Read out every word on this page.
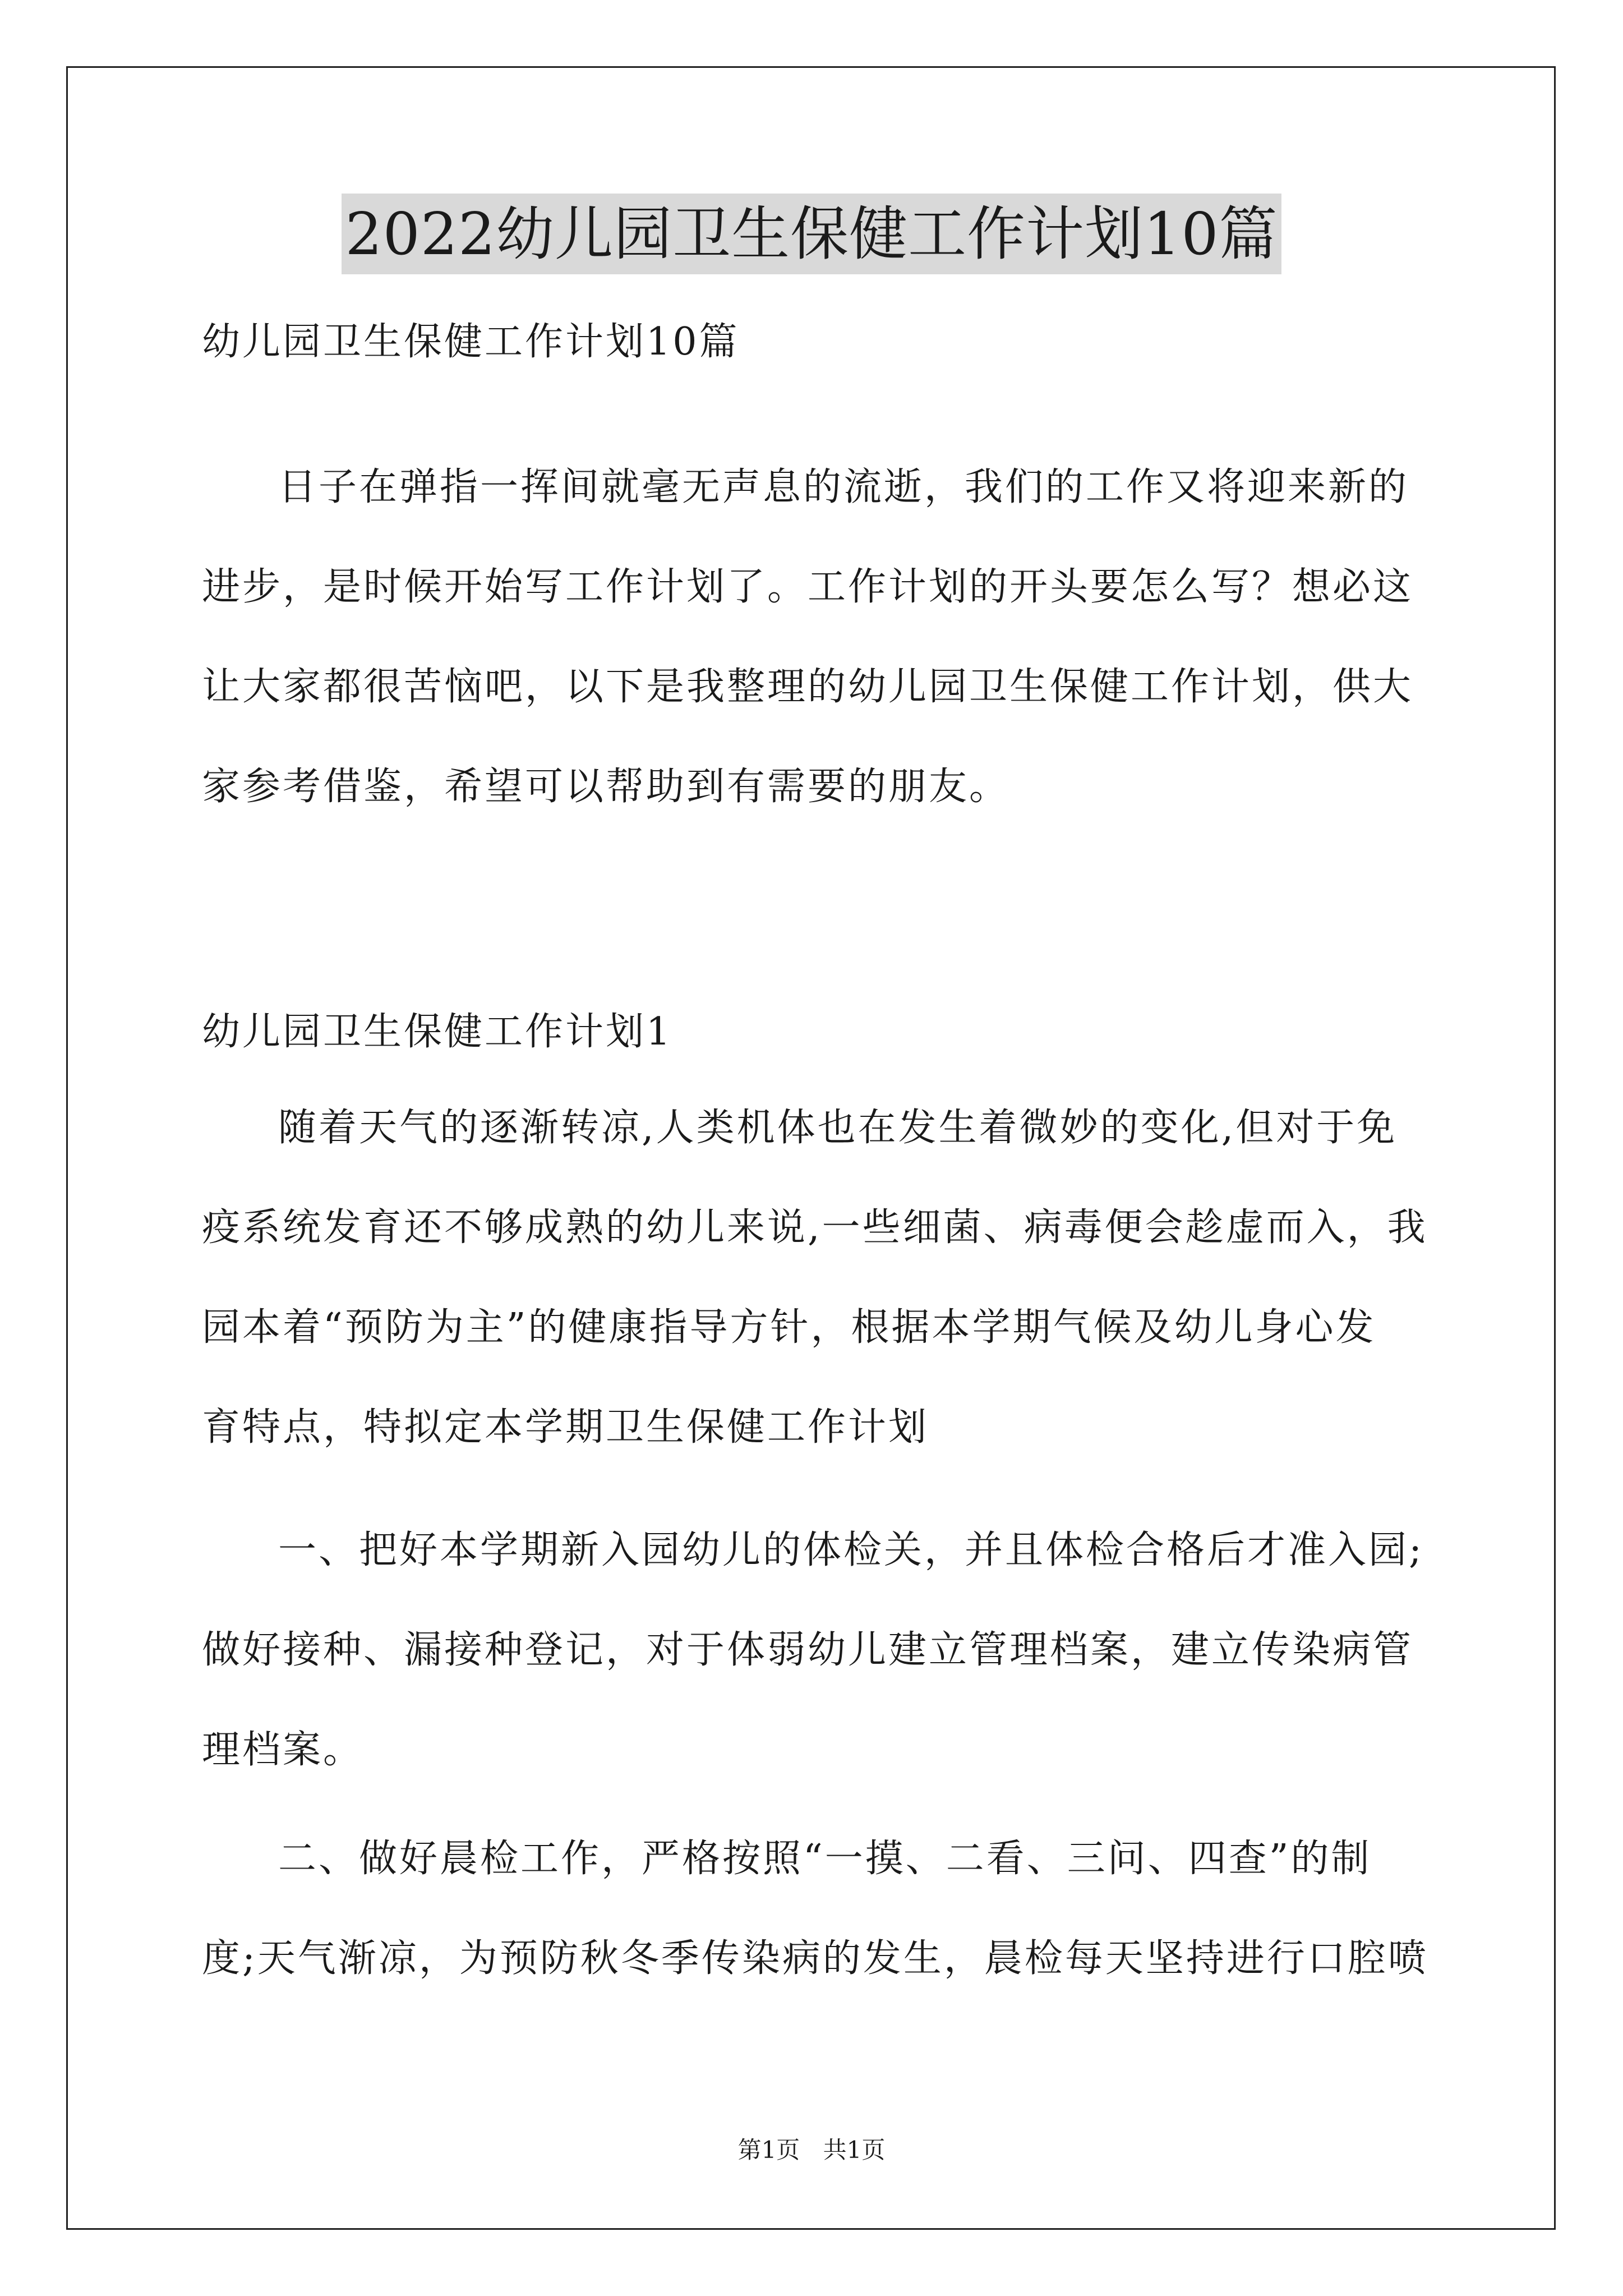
2022幼儿园卫生保健工作计划10篇
幼儿园卫生保健工作计划10篇
日子在弹指一挥间就毫无声息的流逝，我们的工作又将迎来新的
进步，是时候开始写工作计划了。工作计划的开头要怎么写？想必这
让大家都很苦恼吧，以下是我整理的幼儿园卫生保健工作计划，供大
家参考借鉴，希望可以帮助到有需要的朋友。
幼儿园卫生保健工作计划1
随着天气的逐渐转凉,人类机体也在发生着微妙的变化,但对于免
疫系统发育还不够成熟的幼儿来说,一些细菌、病毒便会趁虚而入，我
园本着“预防为主”的健康指导方针，根据本学期气候及幼儿身心发
育特点，特拟定本学期卫生保健工作计划
一、把好本学期新入园幼儿的体检关，并且体检合格后才准入园;
做好接种、漏接种登记，对于体弱幼儿建立管理档案，建立传染病管
理档案。
二、做好晨检工作，严格按照“一摸、二看、三问、四查”的制
度;天气渐凉，为预防秋冬季传染病的发生，晨检每天坚持进行口腔喷
第1页 共1页
